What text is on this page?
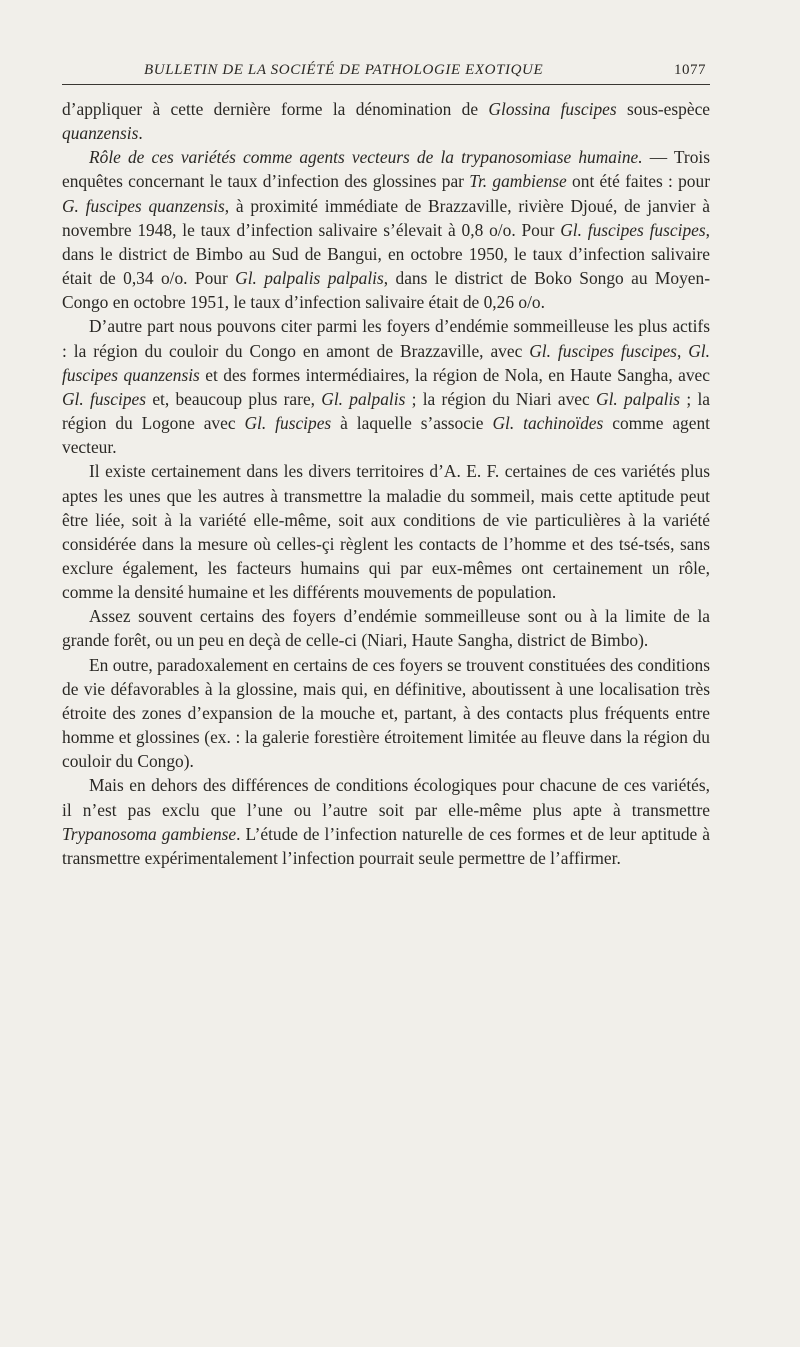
BULLETIN DE LA SOCIÉTÉ DE PATHOLOGIE EXOTIQUE	1077

d’appliquer à cette dernière forme la dénomination de Glossina fuscipes sous-espèce quanzensis.

Rôle de ces variétés comme agents vecteurs de la trypanosomiase humaine. — Trois enquêtes concernant le taux d’infection des glossines par Tr. gambiense ont été faites : pour G. fuscipes quanzensis, à proximité immédiate de Brazzaville, rivière Djoué, de janvier à novembre 1948, le taux d’infection salivaire s’élevait à 0,8 o/o. Pour Gl. fuscipes fuscipes, dans le district de Bimbo au Sud de Bangui, en octobre 1950, le taux d’infection salivaire était de 0,34 o/o. Pour Gl. palpalis palpalis, dans le district de Boko Songo au Moyen-Congo en octobre 1951, le taux d’infection salivaire était de 0,26 o/o.

D’autre part nous pouvons citer parmi les foyers d’endémie sommeilleuse les plus actifs : la région du couloir du Congo en amont de Brazzaville, avec Gl. fuscipes fuscipes, Gl. fuscipes quanzensis et des formes intermédiaires, la région de Nola, en Haute Sangha, avec Gl. fuscipes et, beaucoup plus rare, Gl. palpalis ; la région du Niari avec Gl. palpalis ; la région du Logone avec Gl. fuscipes à laquelle s’associe Gl. tachinoïdes comme agent vecteur.

Il existe certainement dans les divers territoires d’A. E. F. certaines de ces variétés plus aptes les unes que les autres à transmettre la maladie du sommeil, mais cette aptitude peut être liée, soit à la variété elle-même, soit aux conditions de vie particulières à la variété considérée dans la mesure où celles-çi règlent les contacts de l’homme et des tsé-tsés, sans exclure également, les facteurs humains qui par eux-mêmes ont certainement un rôle, comme la densité humaine et les différents mouvements de population.

Assez souvent certains des foyers d’endémie sommeilleuse sont ou à la limite de la grande forêt, ou un peu en deçà de celle-ci (Niari, Haute Sangha, district de Bimbo).

En outre, paradoxalement en certains de ces foyers se trouvent constituées des conditions de vie défavorables à la glossine, mais qui, en définitive, aboutissent à une localisation très étroite des zones d’expansion de la mouche et, partant, à des contacts plus fréquents entre homme et glossines (ex. : la galerie forestière étroitement limitée au fleuve dans la région du couloir du Congo).

Mais en dehors des différences de conditions écologiques pour chacune de ces variétés, il n’est pas exclu que l’une ou l’autre soit par elle-même plus apte à transmettre Trypanosoma gambiense. L’étude de l’infection naturelle de ces formes et de leur aptitude à transmettre expérimentalement l’infection pourrait seule permettre de l’affirmer.
